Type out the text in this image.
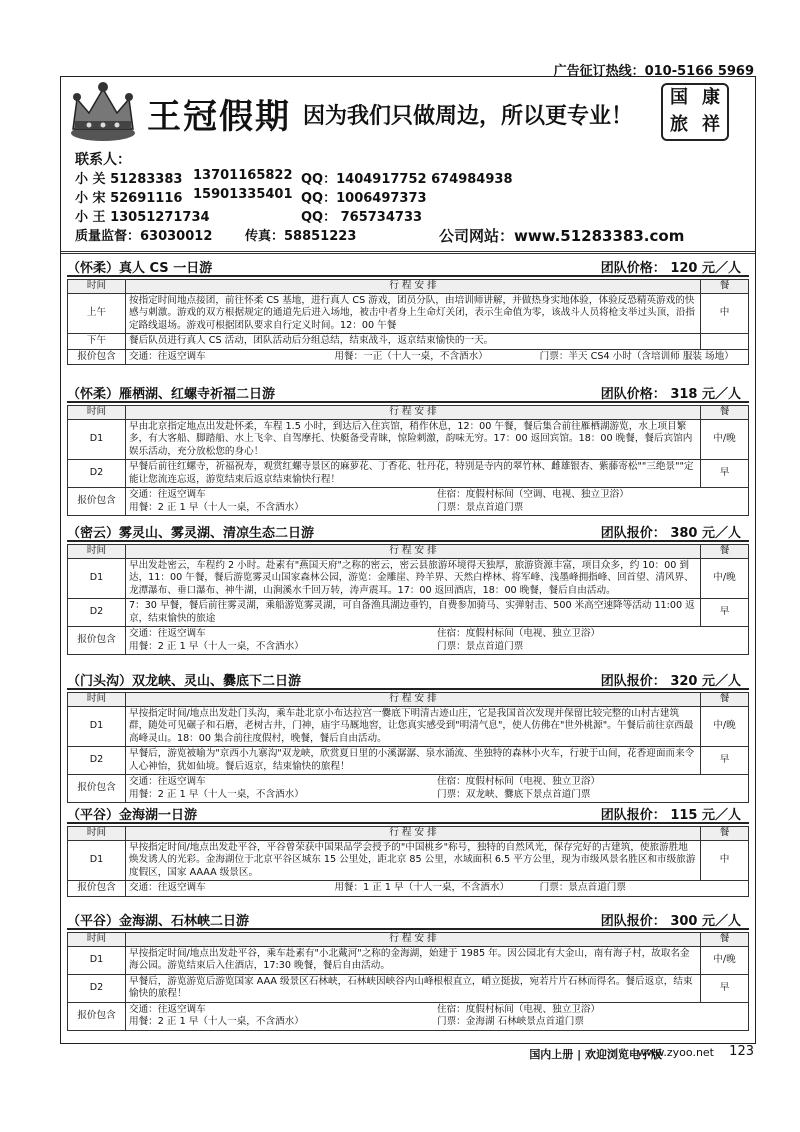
广告征订热线：010-5166 5969
王冠假期 因为我们只做周边，所以更专业！
国 康
旅 祥
联系人：
小 关 51283383 13701165822 QQ：1404917752 674984938
小 宋 52691116 15901335401 QQ：1006497373
小 王 13051271734	QQ： 765734733
质量监督：63030012	传真：58851223	公司网站：www.51283383.com
（怀柔）真人 CS 一日游	团队价格： 120 元／人
时间	行 程 安 排	餐
上午	按指定时间地点接团，前往怀柔 CS 基地，进行真人 CS 游戏，团员分队，由培训师讲解，并做热身实地体验，体验反恐精英游戏的快感与刺激。游戏的双方根据规定的通道先后进入场地，被击中者身上生命灯关闭，表示生命值为零，该战斗人员将枪支举过头顶，沿指定路线退场。游戏可根据团队要求自行定义时间。12：00 午餐	中
下午	餐后队员进行真人 CS 活动，团队活动后分组总结，结束战斗，返京结束愉快的一天。	
报价包含	交通：往返空调车 用餐：一正（十人一桌，不含酒水） 门票：半天 CS4 小时（含培训师 服装 场地）	
（怀柔）雁栖湖、红螺寺祈福二日游	团队价格： 318 元／人
时间	行 程 安 排	餐
D1	早由北京指定地点出发赴怀柔，车程 1.5 小时，到达后入住宾馆，稍作休息，12：00 午餐，餐后集合前往雁栖湖游览，水上项目繁多，有大客船、脚踏船、水上飞伞、自驾摩托、快艇备受青睐，惊险刺激，韵味无穷。17：00 返回宾馆。18：00 晚餐，餐后宾馆内娱乐活动，充分放松您的身心！	中/晚
D2	早餐后前往红螺寺，祈福祝寿，观赏红螺寺景区的麻萝花、丁香花、牡丹花，特别是寺内的翠竹林、雌雄银杏、紫藤寄松""三绝景""定能让您流连忘返，游览结束后返京结束愉快行程！	早
报价包含	交通：往返空调车 住宿：度假村标间（空调、电视、独立卫浴）
用餐：2 正 1 早（十人一桌，不含酒水） 门票：景点首道门票	
（密云）雾灵山、雾灵湖、清凉生态二日游	团队报价： 380 元／人
时间	行 程 安 排	餐
D1	早出发赴密云，车程约 2 小时。赴素有"燕国天府"之称的密云，密云县旅游环境得天独厚，旅游资源丰富，项目众多，约 10：00 到达，11：00 午餐，餐后游览雾灵山国家森林公园，游览：金雕崖、羚羊界、天然白桦林、将军峰、浅墨峰拥指峰、回首望、清风界、龙潭瀑布、垂口瀑布、神牛湖，山涧溪水千回万转，涛声震耳。17：00 返回酒店，18：00 晚餐，餐后自由活动。	中/晚
D2	7：30 早餐，餐后前往雾灵湖，乘船游览雾灵湖，可自备渔具湖边垂钓，自费参加骑马、实弹射击、500 米高空速降等活动 11:00 返京，结束愉快的旅途	早
报价包含	交通：往返空调车 住宿：度假村标间（电视、独立卫浴）
用餐：2 正 1 早（十人一桌，不含酒水） 门票：景点首道门票	
（门头沟）双龙峡、灵山、爨底下二日游	团队报价： 320 元／人
时间	行 程 安 排	餐
D1	早按指定时间/地点出发赴门头沟，乘车赴北京小布达拉宫一爨底下明清古迹山庄，它是我国首次发现并保留比较完整的山村古建筑群，随处可见碾子和石磨，老树古井，门神，庙宇马厩地窖，让您真实感受到"明清气息"，使人仿佛在"世外桃源"。午餐后前往京西最高峰灵山。18：00 集合前往度假村，晚餐，餐后自由活动。	中/晚
D2	早餐后，游览被喻为"京西小九寨沟"双龙峡，欣赏夏日里的小溪潺潺、泉水涌流、坐独特的森林小火车，行驶于山间，花香迎面而来令人心神怡，犹如仙境。餐后返京，结束愉快的旅程！	早
报价包含	交通：往返空调车 住宿：度假村标间（电视、独立卫浴）
用餐：2 正 1 早（十人一桌，不含酒水） 门票：双龙峡、爨底下景点首道门票	
（平谷）金海湖一日游	团队报价： 115 元／人
时间	行 程 安 排	餐
D1	早按指定时间/地点出发赴平谷，平谷曾荣获中国果品学会授予的"中国桃乡"称号，独特的自然风光，保存完好的古建筑，使旅游胜地焕发诱人的光彩。金海湖位于北京平谷区城东 15 公里处，距北京 85 公里，水域面积 6.5 平方公里，现为市级风景名胜区和市级旅游度假区，国家 AAAA 级景区。	中
报价包含	交通：往返空调车 用餐：1 正 1 早（十人一桌，不含酒水） 门票：景点首道门票	
（平谷）金海湖、石林峡二日游	团队报价： 300 元／人
时间	行 程 安 排	餐
D1	早按指定时间/地点出发赴平谷，乘车赴素有"小北戴河"之称的金海湖，始建于 1985 年。因公园北有大金山，南有海子村，故取名金海公园。游览结束后入住酒店，17:30 晚餐，餐后自由活动。	中/晚
D2	早餐后，游览游览后游览国家 AAA 级景区石林峡，石林峡因峡谷内山峰根根直立，峭立挺拔，宛若片片石林而得名。餐后返京，结束愉快的旅程！	早
报价包含	交通：往返空调车 住宿：度假村标间（电视、独立卫浴）
用餐：2 正 1 早（十人一桌，不含酒水） 门票：金海湖 石林峡景点首道门票	
国内上册 | 欢迎浏览电子版
www.zyoo.net 123
